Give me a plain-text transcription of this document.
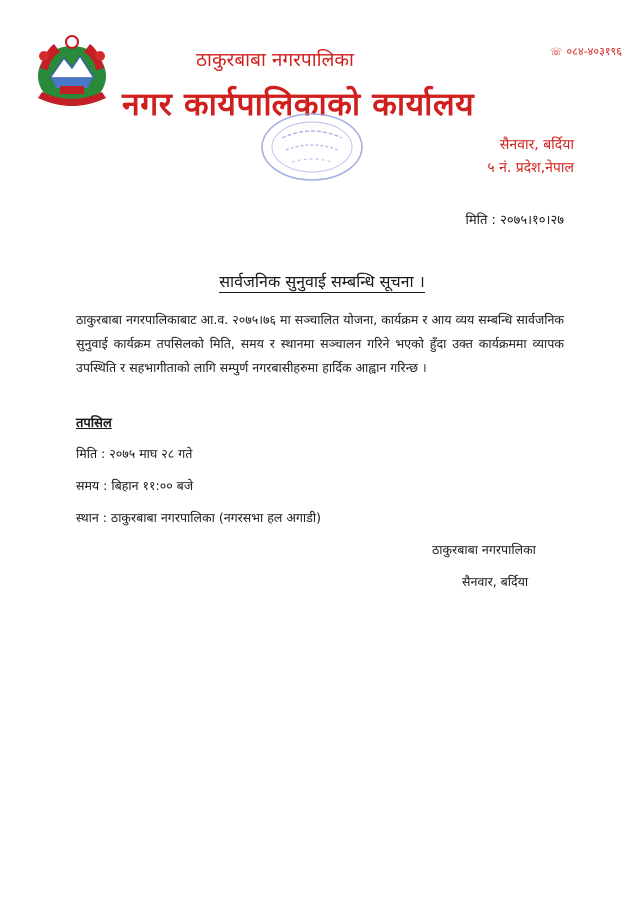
☏ ०८४-४०३१९६
ठाकुरबाबा नगरपालिका
नगर कार्यपालिकाको कार्यालय
सैनवार, बर्दिया
५ नं. प्रदेश,नेपाल
मिति : २०७५।१०।२७
सार्वजनिक सुनुवाई सम्बन्धि सूचना ।
ठाकुरबाबा नगरपालिकाबाट आ.व. २०७५।७६ मा सञ्चालित योजना, कार्यक्रम र आय व्यय सम्बन्धि सार्वजनिक सुनुवाई कार्यक्रम तपसिलको मिति, समय र स्थानमा सञ्चालन गरिने भएको हुँदा उक्त कार्यक्रममा व्यापक उपस्थिति र सहभागीताको लागि सम्पुर्ण नगरबासीहरुमा हार्दिक आह्वान गरिन्छ ।
तपसिल
मिति : २०७५ माघ २८ गते
समय : बिहान ११:०० बजे
स्थान : ठाकुरबाबा नगरपालिका (नगरसभा हल अगाडी)
ठाकुरबाबा नगरपालिका
सैनवार, बर्दिया
